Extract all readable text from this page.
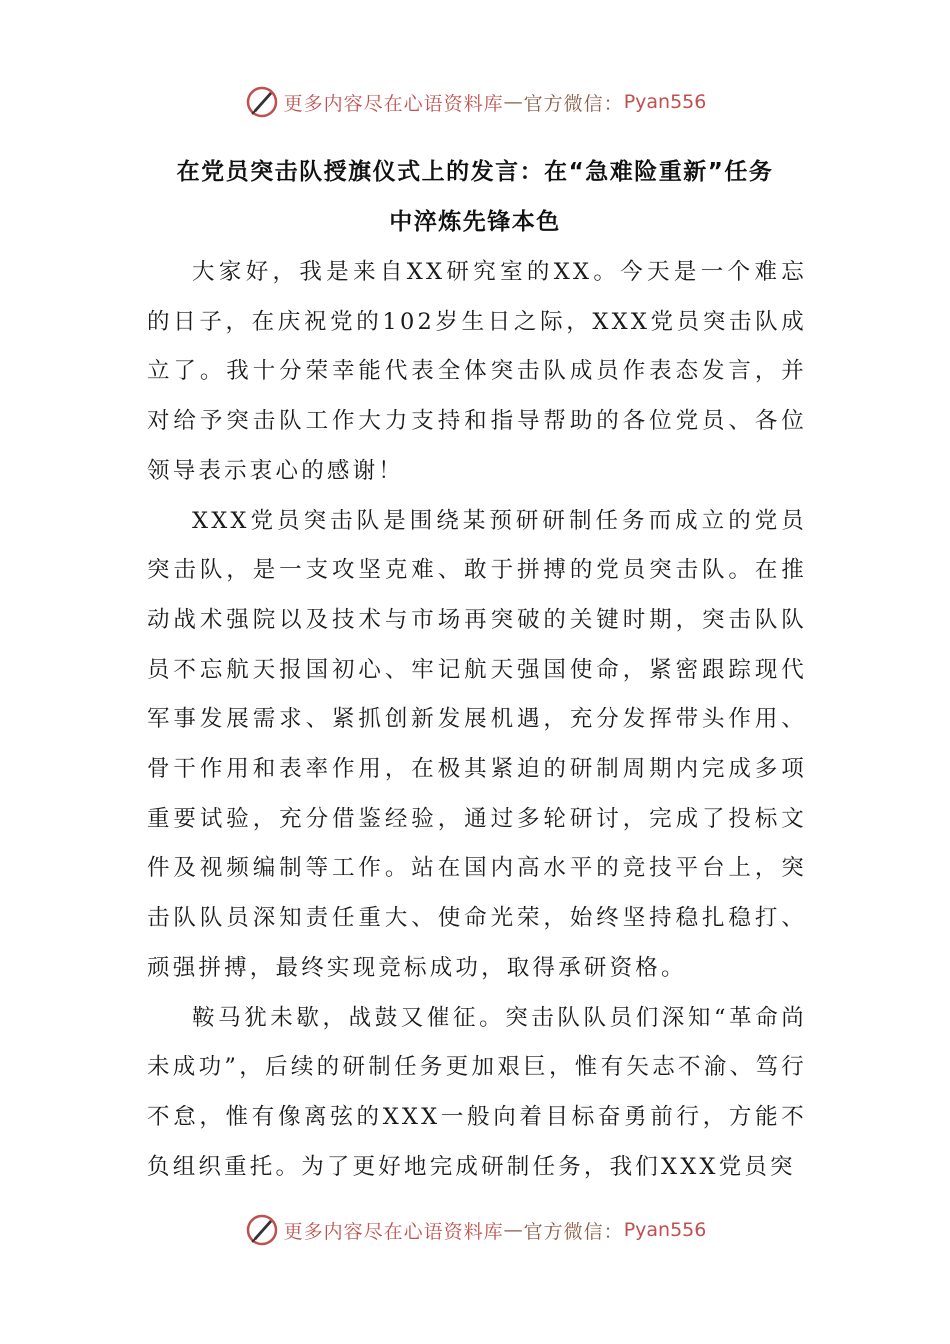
更多内容尽在心语资料库 — 官方微信： Pyan556
在党员突击队授旗仪式上的发言：在“急难险重新”任务
中淬炼先锋本色

大家好，我是来自XX研究室的XX。今天是一个难忘的日子，在庆祝党的102岁生日之际，XXX党员突击队成立了。我十分荣幸能代表全体突击队成员作表态发言，并对给予突击队工作大力支持和指导帮助的各位党员、各位领导表示衷心的感谢！

XXX党员突击队是围绕某预研研制任务而成立的党员突击队，是一支攻坚克难、敢于拼搏的党员突击队。在推动战术强院以及技术与市场再突破的关键时期，突击队队员不忘航天报国初心、牢记航天强国使命，紧密跟踪现代军事发展需求、紧抓创新发展机遇，充分发挥带头作用、骨干作用和表率作用，在极其紧迫的研制周期内完成多项重要试验，充分借鉴经验，通过多轮研讨，完成了投标文件及视频编制等工作。站在国内高水平的竞技平台上，突击队队员深知责任重大、使命光荣，始终坚持稳扎稳打、顽强拼搏，最终实现竞标成功，取得承研资格。

鞍马犹未歇，战鼓又催征。突击队队员们深知“革命尚未成功”，后续的研制任务更加艰巨，惟有矢志不渝、笃行不怠，惟有像离弦的XXX一般向着目标奋勇前行，方能不负组织重托。为了更好地完成研制任务，我们XXX党员突

更多内容尽在心语资料库 — 官方微信： Pyan556
